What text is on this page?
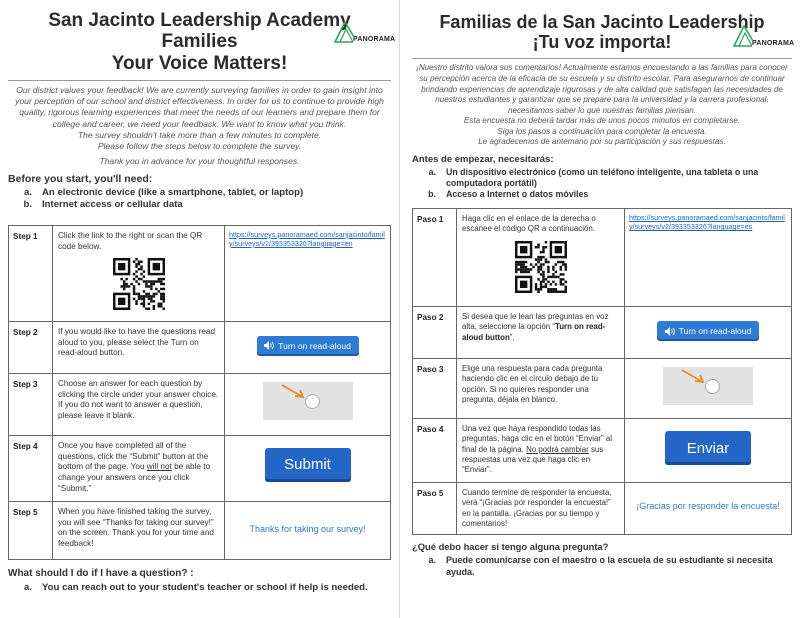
San Jacinto Leadership Academy Families
Your Voice Matters!
PANORAMA

Our district values your feedback! We are currently surveying families in order to gain insight into your perception of our school and district effectiveness. In order for us to continue to provide high quality, rigorous learning experiences that meet the needs of our learners and prepare them for college and career, we need your feedback. We want to know what you think.

The survey shouldn't take more than a few minutes to complete.

Please follow the steps below to complete the survey.

Thank you in advance for your thoughtful responses.

Before you start, you'll need:
a.	An electronic device (like a smartphone, tablet, or laptop)
b.	Internet access or cellular data
Step 1	Click the link to the right or scan the QR code below.	https://surveys.panoramaed.com/sanjacinto/family/surveys/v2/393353326?language=en

Step 2	If you would like to have the questions read aloud to you, please select the Turn on read-aloud button.	Turn on read-aloud

Step 3	Choose an answer for each question by clicking the circle under your answer choice. If you do not want to answer a question, please leave it blank.	

Step 4	Once you have completed all of the questions, click the “Submit” button at the bottom of the page. You will not be able to change your answers once you click “Submit.”	Submit

Step 5	When you have finished taking the survey, you will see “Thanks for taking our survey!” on the screen. Thank you for your time and feedback!	Thanks for taking our survey!
What should I do if I have a question? :
a.	You can reach out to your student's teacher or school if help is needed.
Familias de la San Jacinto Leadership
¡Tu voz importa!	PANORAMA

¡Nuestro distrito valora sus comentarios! Actualmente estamos encuestando a las familias para conocer su percepción acerca de la eficacia de su escuela y su distrito escolar. Para asegurarnos de continuar brindando experiencias de aprendizaje rigurosas y de alta calidad que satisfagan las necesidades de nuestros estudiantes y garantizar que se prepare para la universidad y la carrera profesional, necesitamos saber lo que nuestras familias piensan.

Esta encuesta no deberá tardar más de unos pocos minutos en completarse.

Siga los pasos a continuación para completar la encuesta.

Le agradecemos de antemano por su participación y sus respuestas.

Antes de empezar, necesitarás:
a.	Un dispositivo electrónico (como un teléfono inteligente, una tableta o una computadora portátil)
b.	Acceso a Internet o datos móviles
Paso 1	Haga clic en el enlace de la derecha o escanee el código QR a continuación.	https://surveys.panoramaed.com/sanjacinto/family/surveys/v2/393353326?language=es

Paso 2	Si desea que le lean las preguntas en voz alta, seleccione la opción “Turn on read-aloud button”.	Turn on read-aloud

Paso 3	Elige una respuesta para cada pregunta haciendo clic en el círculo debajo de tu opción. Si no quieres responder una pregunta, déjala en blanco.	

Paso 4	Una vez que haya respondido todas las preguntas, haga clic en el botón “Enviar” al final de la página. No podrá cambiar sus respuestas una vez que haga clic en “Enviar”.	Enviar

Paso 5	Cuando termine de responder la encuesta, verá “¡Gracias por responder la encuesta!” en la pantalla. ¡Gracias por su tiempo y comentarios!	¡Gracias por responder la encuesta!
¿Qué debo hacer si tengo alguna pregunta?
a.	Puede comunicarse con el maestro o la escuela de su estudiante si necesita ayuda.
